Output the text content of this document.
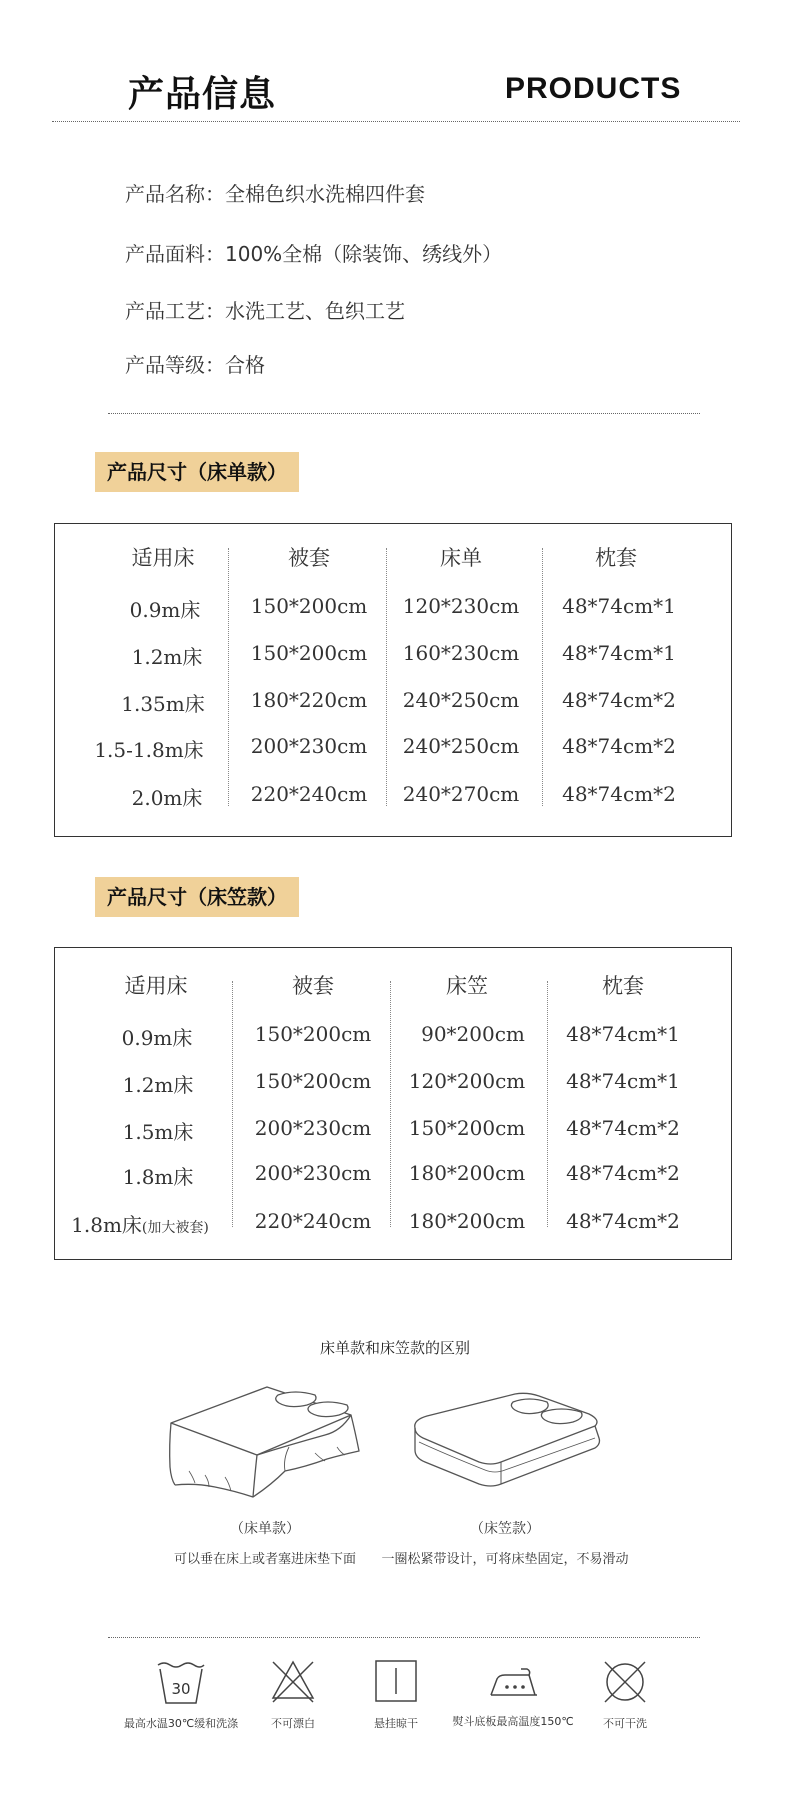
产品信息	PRODUCTS
产品名称：全棉色织水洗棉四件套
产品面料：100%全棉（除装饰、绣线外）
产品工艺：水洗工艺、色织工艺
产品等级：合格
产品尺寸（床单款）
适用床	被套	床单	枕套
0.9m床	150*200cm 120*230cm 48*74cm*1
1.2m床 150*200cm 160*230cm 48*74cm*1
1.35m床 180*220cm 240*250cm 48*74cm*2
1.5-1.8m床 200*230cm 240*250cm 48*74cm*2
2.0m床 220*240cm 240*270cm 48*74cm*2
产品尺寸（床笠款）
适用床	被套	床笠	枕套
0.9m床	150*200cm 90*200cm 48*74cm*1
1.2m床	150*200cm 120*200cm 48*74cm*1
1.5m床	200*230cm 150*200cm 48*74cm*2
1.8m床	200*230cm 180*200cm 48*74cm*2
1.8m床(加大被套) 220*240cm 180*200cm 48*74cm*2
床单款和床笠款的区别
（床单款）
可以垂在床上或者塞进床垫下面
（床笠款）
一圈松紧带设计，可将床垫固定，不易滑动
30
最高水温30℃缓和洗涤	不可漂白	悬挂晾干	熨斗底板最高温度150℃	不可干洗
